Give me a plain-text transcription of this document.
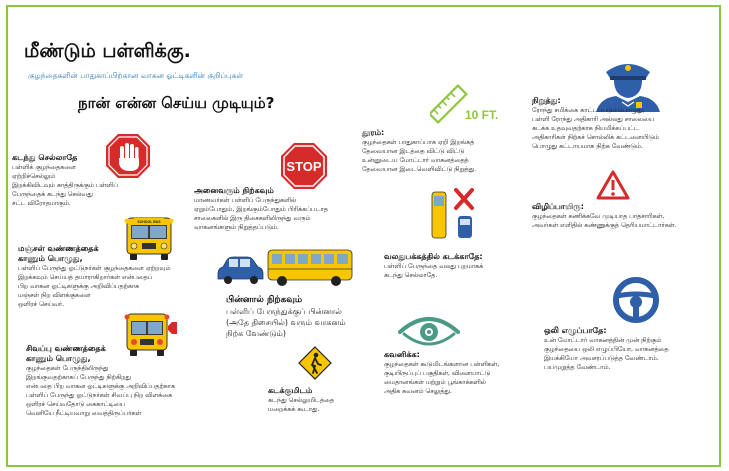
மீண்டும் பள்ளிக்கு.
குழந்தைகளின் பாதுகாப்பிற்கான வாகன ஓட்டிகளின் குறிப்புகள்
நான் என்ன செய்ய முடியும்?
கடந்து செல்லாதே
பள்ளிக் குழந்தைகளை
ஏற்றிச்செல்லும்
இறக்கிவிடவும் காத்திருக்கும் பள்ளிப்
பேருந்தைக் கடந்து செல்வது
சட்ட விரோதமாகும்.
STOP
அனைவரும் நிற்கவும்
மாணவர்கள் பள்ளிப் பேருந்துகளில்
ஏறும்போதும், இறங்கும்போதும் பிரிக்கப்படாத
சாலைகளில் இரு திசைகளிலிருந்து வரும்
வாகனங்களும் நிறுத்தப்படும்.
SCHOOL BUS
மஞ்சள் வண்ணத்தைக்
காணும் பொழுது,
பள்ளிப் பேருந்து ஓட்டுநர்கள் குழந்தைகளை ஏற்றவும்
இறக்கவும் செய்யத் தயாராகிறார்கள் என்பதைப்
பிற வாகன ஓட்டிகளுக்கு அறிவிப்பதற்காக
மஞ்சள் நிற விளக்குகளை
ஒளிரச் செய்வர்.	பின்னால் நிற்கவும்
பள்ளிப் பேருந்துக்குப் பின்னால்
(அதே திசையில்) வரும் வாகனம்
நிற்க வேண்டும்)
சிவப்பு வண்ணத்தைக்
காணும் பொழுது,
குழந்தைகள் பேருந்திலிருந்து
இறங்குவதற்காகப் பேருந்து நிற்கிறது
என்பதை பிற வாகன ஓட்டிகளுக்கு அறிவிப்பதற்காக
பள்ளிப் பேருந்து ஓட்டுநர்கள் சிவப்பு நிற விளக்கை
ஒளிரச் செய்வதோடு கைகாட்டியை
வெளியே நீட்டியவாறு வைத்திருப்பர்கள்
கடக்குமிடம்
கடந்து செல்லுமிடத்தை
மறைக்கக் கூடாது.
10 FT.
தூரம்:
குழந்தைகள் பாதுகாப்பாக ஏறி இறங்கத்
தேவையான இடத்தை விட்டு விட்டு
உன்னுடைய மோட்டார் வாகனத்தைத்
தேவையான இடைவெளிவிட்டு நிறுத்து.
நிறுத்து:
ரோந்து சமிக்கை காட்டப்படும்பொழுது,
பள்ளி ரோந்து அதிகாரி அல்லது சாலையை
கடக்க உதவுவதற்காக நியமிக்கப்பட்ட
அதிகாரிகள் நிற்கச் சொல்லிக் கட்டளையிடும்
பொழுது கட்டாயமாக நிற்க வேண்டும்.
விழிப்பாயிரு:
குழந்தைகள் கணிக்கவே முடியாத பாதசாரிகள்,
அவர்கள் எளிதில் கண்ணுக்குத் தெரியமாட்டார்கள்.
வலதுபக்கத்தில் கடக்காதே:
பள்ளிப் பேருந்தை வலது புறமாகக்
கடந்து செல்லாதே.
கவனிக்க:
குழந்தைகள் கூடுமிடங்களான பள்ளிகள்,
குடியிருப்புப் பகுதிகள், விளையாட்டு
மைதானங்கள் மற்றும் பூங்காக்களில்
அதிக கவனம் செலுத்து.
ஒலி எழுப்பாதே:
உன் மோட்டார் வாகனத்தின் முன் நிற்கும்
குழந்தையை ஒலி எழுப்பியோ, வாகனத்தை
இயக்கியோ அவசரப்படுத்த வேண்டாம்.
பயமுறுத்த வேண்டாம்.
